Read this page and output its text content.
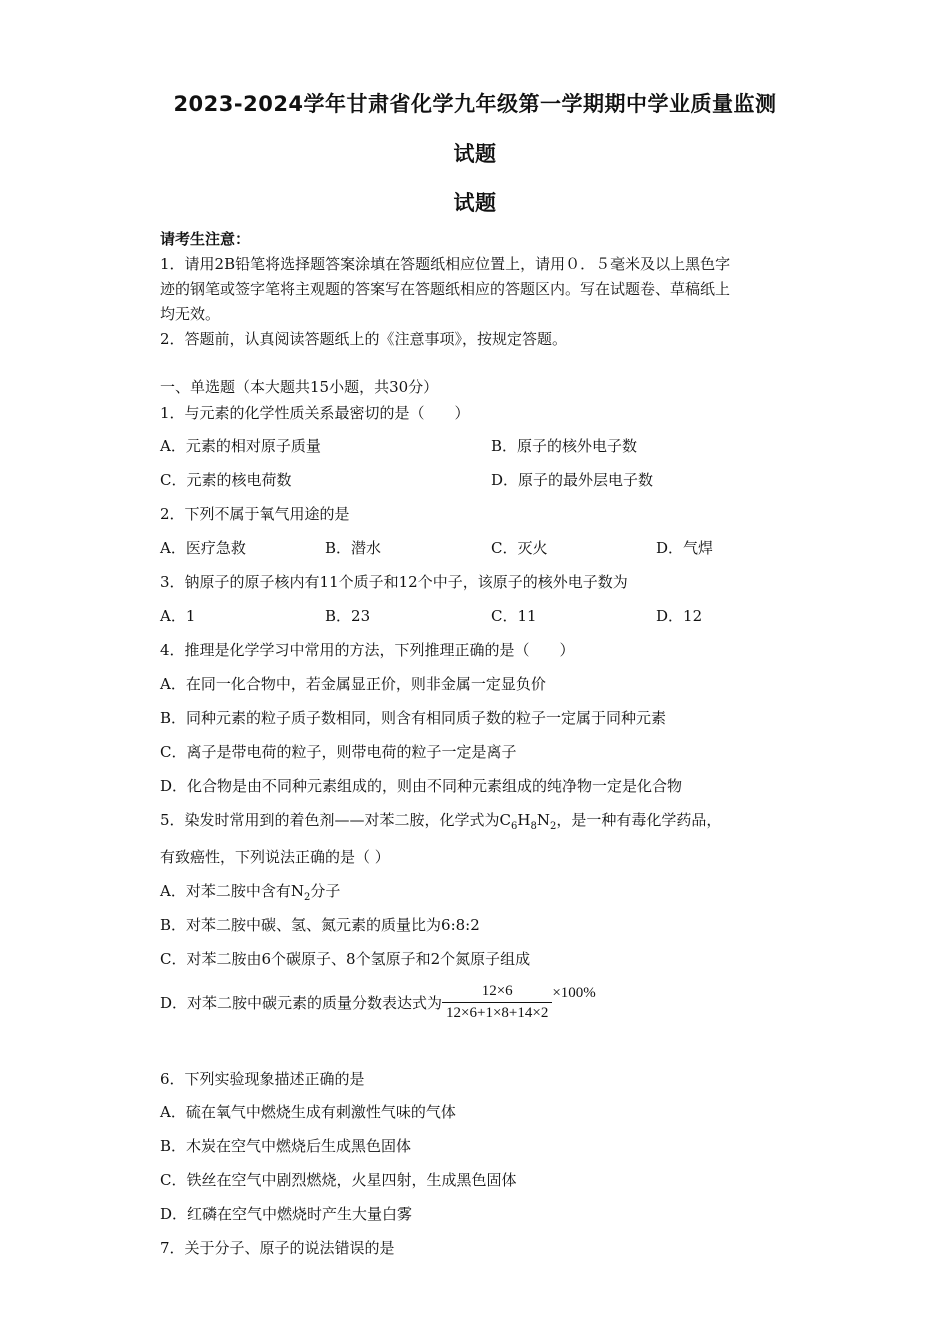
2023-2024学年甘肃省化学九年级第一学期期中学业质量监测
试题
试题
请考生注意：
1．请用2B铅笔将选择题答案涂填在答题纸相应位置上，请用０．５毫米及以上黑色字
迹的钢笔或签字笔将主观题的答案写在答题纸相应的答题区内。写在试题卷、草稿纸上
均无效。
2．答题前，认真阅读答题纸上的《注意事项》，按规定答题。
一、单选题（本大题共15小题，共30分）
1．与元素的化学性质关系最密切的是（　　）
A．元素的相对原子质量	B．原子的核外电子数
C．元素的核电荷数	D．原子的最外层电子数
2．下列不属于氧气用途的是
A．医疗急救	B．潜水	C．灭火	D．气焊
3．钠原子的原子核内有11个质子和12个中子，该原子的核外电子数为
A．1	B．23	C．11	D．12
4．推理是化学学习中常用的方法，下列推理正确的是（　　）
A．在同一化合物中，若金属显正价，则非金属一定显负价
B．同种元素的粒子质子数相同，则含有相同质子数的粒子一定属于同种元素
C．离子是带电荷的粒子，则带电荷的粒子一定是离子
D．化合物是由不同种元素组成的，则由不同种元素组成的纯净物一定是化合物
5．染发时常用到的着色剂——对苯二胺，化学式为$C_6H_8N_2$，是一种有毒化学药品，
有致癌性，下列说法正确的是（ ）
A．对苯二胺中含有$N_2$分子
B．对苯二胺中碳、氢、氮元素的质量比为6:8:2
C．对苯二胺由6个碳原子、8个氢原子和2个氮原子组成
D．对苯二胺中碳元素的质量分数表达式为 $\frac{12\times 6}{12\times 6+1\times 8+14\times 2} \times 100\%$
6．下列实验现象描述正确的是
A．硫在氧气中燃烧生成有刺激性气味的气体
B．木炭在空气中燃烧后生成黑色固体
C．铁丝在空气中剧烈燃烧，火星四射，生成黑色固体
D．红磷在空气中燃烧时产生大量白雾
7．关于分子、原子的说法错误的是
